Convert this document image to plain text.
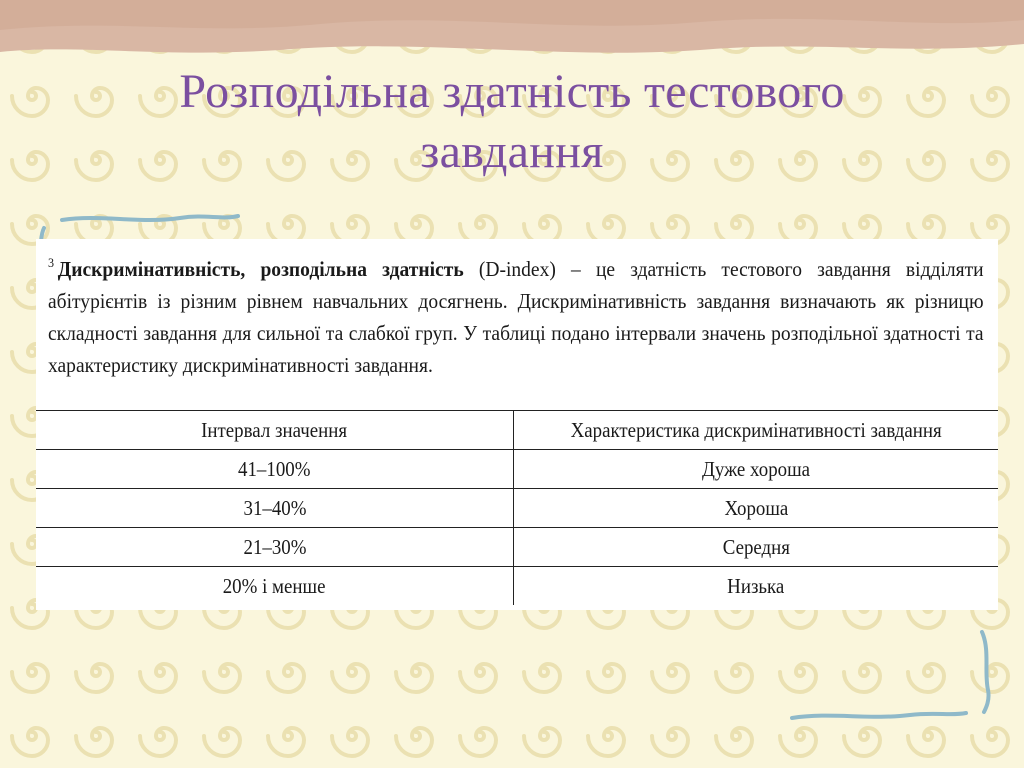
Розподільна здатність тестового
завдання
$^3$ Дискримінативність, розподільна здатність (D-index) – це здатність тестового завдання відділяти абітурієнтів із різним рівнем навчальних досягнень. Дискримінативність завдання визначають як різницю складності завдання для сильної та слабкої груп. У таблиці подано інтервали значень розподільної здатності та характеристику дискримінативності завдання.
Інтервал значення	Характеристика дискримінативності завдання
41–100%	Дуже хороша
31–40%	Хороша
21–30%	Середня
20% і менше	Низька
